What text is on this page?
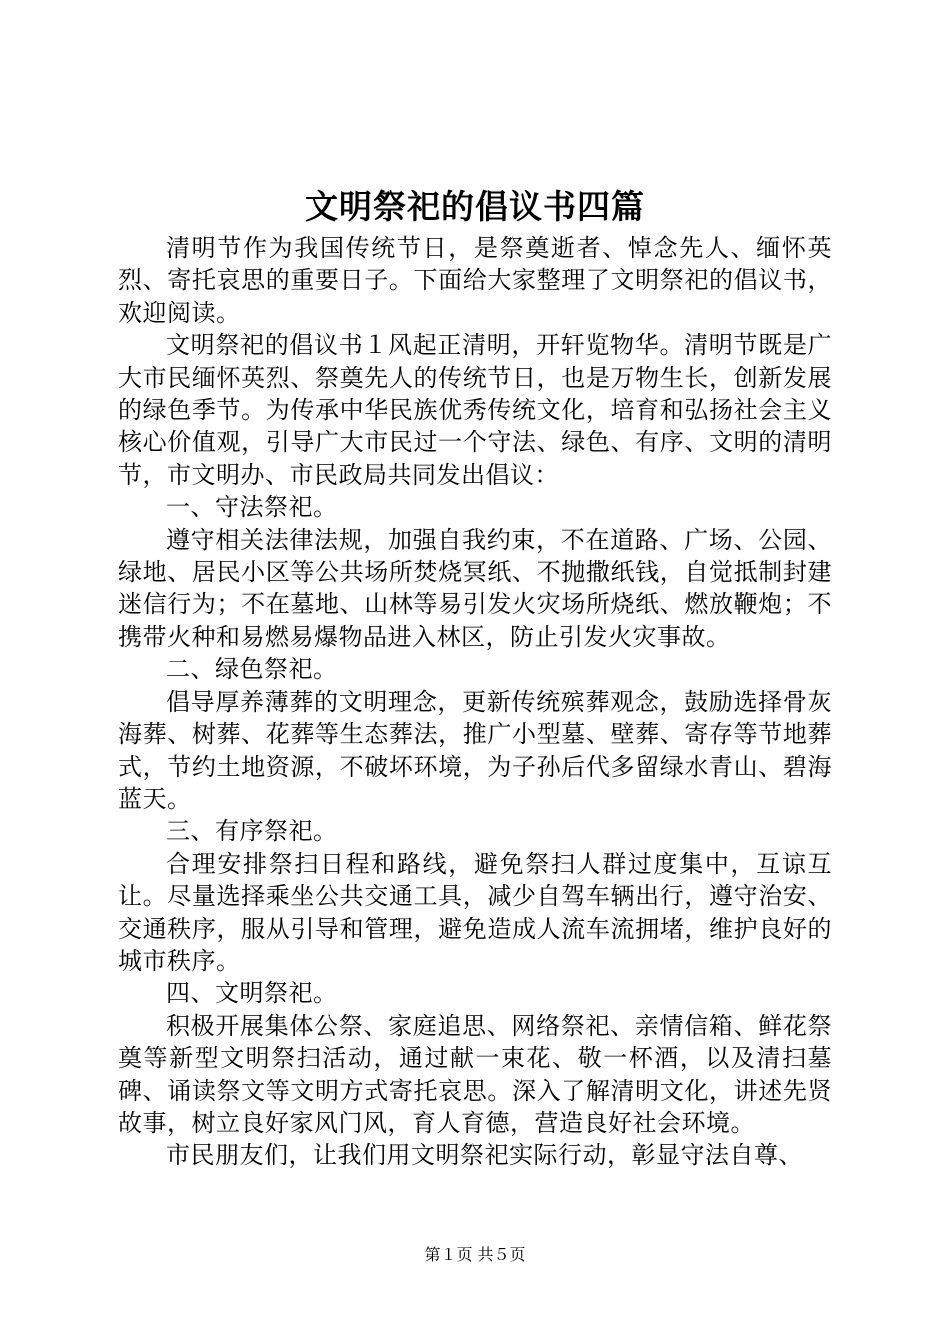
文明祭祀的倡议书四篇

清明节作为我国传统节日，是祭奠逝者、悼念先人、缅怀英烈、寄托哀思的重要日子。下面给大家整理了文明祭祀的倡议书，欢迎阅读。

文明祭祀的倡议书１风起正清明，开轩览物华。清明节既是广大市民缅怀英烈、祭奠先人的传统节日，也是万物生长，创新发展的绿色季节。为传承中华民族优秀传统文化，培育和弘扬社会主义核心价值观，引导广大市民过一个守法、绿色、有序、文明的清明节，市文明办、市民政局共同发出倡议：

一、守法祭祀。

遵守相关法律法规，加强自我约束，不在道路、广场、公园、绿地、居民小区等公共场所焚烧冥纸、不抛撒纸钱，自觉抵制封建迷信行为；不在墓地、山林等易引发火灾场所烧纸、燃放鞭炮；不携带火种和易燃易爆物品进入林区，防止引发火灾事故。

二、绿色祭祀。

倡导厚养薄葬的文明理念，更新传统殡葬观念，鼓励选择骨灰海葬、树葬、花葬等生态葬法，推广小型墓、壁葬、寄存等节地葬式，节约土地资源，不破坏环境，为子孙后代多留绿水青山、碧海蓝天。

三、有序祭祀。

合理安排祭扫日程和路线，避免祭扫人群过度集中，互谅互让。尽量选择乘坐公共交通工具，减少自驾车辆出行，遵守治安、交通秩序，服从引导和管理，避免造成人流车流拥堵，维护良好的城市秩序。

四、文明祭祀。

积极开展集体公祭、家庭追思、网络祭祀、亲情信箱、鲜花祭奠等新型文明祭扫活动，通过献一束花、敬一杯酒，以及清扫墓碑、诵读祭文等文明方式寄托哀思。深入了解清明文化，讲述先贤故事，树立良好家风门风，育人育德，营造良好社会环境。

市民朋友们，让我们用文明祭祀实际行动，彰显守法自尊、

第１页 共５页
